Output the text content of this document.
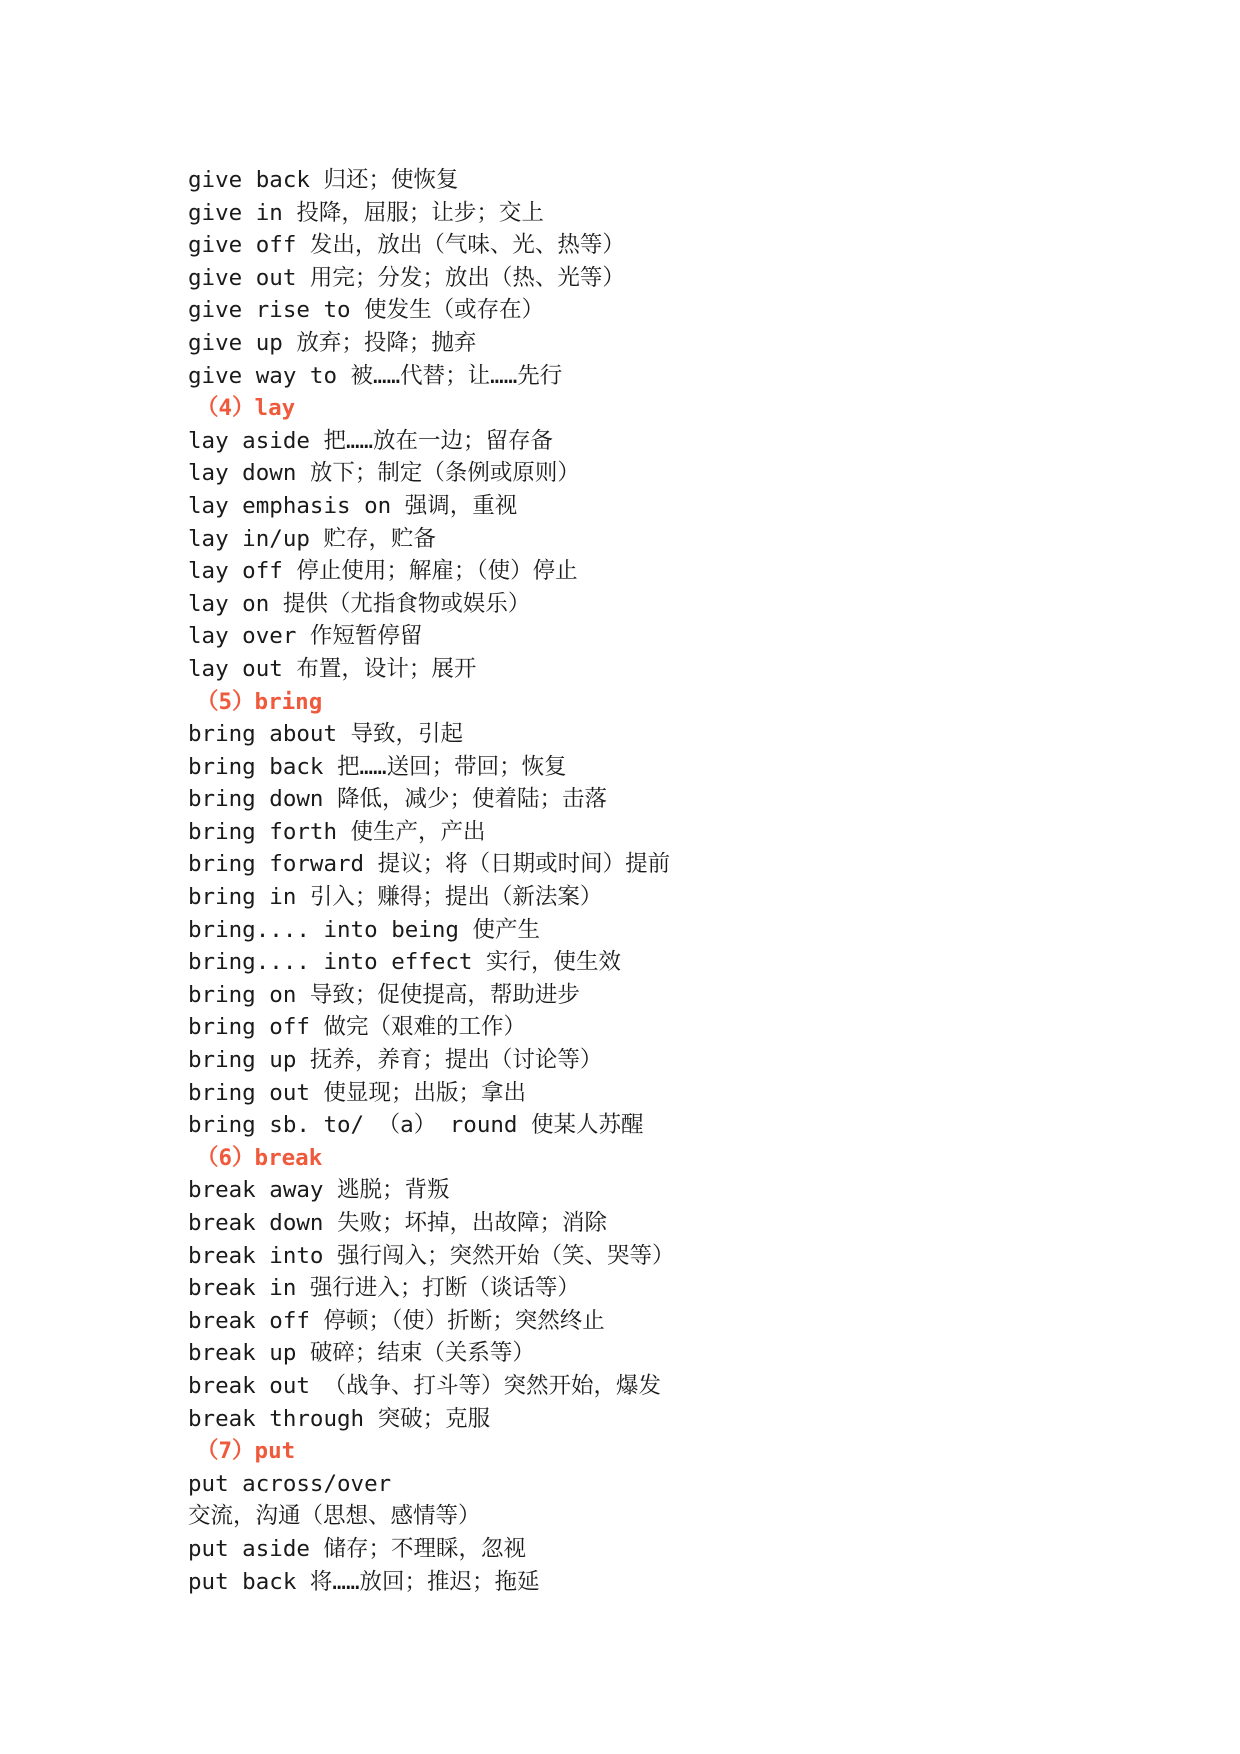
give back 归还；使恢复
give in 投降，屈服；让步；交上
give off 发出，放出（气味、光、热等）
give out 用完；分发；放出（热、光等）
give rise to 使发生（或存在）
give up 放弃；投降；抛弃
give way to 被……代替；让……先行
（4）lay
lay aside 把……放在一边；留存备
lay down 放下；制定（条例或原则）
lay emphasis on 强调，重视
lay in/up 贮存，贮备
lay off 停止使用；解雇；（使）停止
lay on 提供（尤指食物或娱乐）
lay over 作短暂停留
lay out 布置，设计；展开
（5）bring
bring about 导致，引起
bring back 把……送回；带回；恢复
bring down 降低，减少；使着陆；击落
bring forth 使生产，产出
bring forward 提议；将（日期或时间）提前
bring in 引入；赚得；提出（新法案）
bring.... into being 使产生
bring.... into effect 实行，使生效
bring on 导致；促使提高，帮助进步
bring off 做完（艰难的工作）
bring up 抚养，养育；提出（讨论等）
bring out 使显现；出版；拿出
bring sb. to/ （a） round 使某人苏醒
（6）break
break away 逃脱；背叛
break down 失败；坏掉，出故障；消除
break into 强行闯入；突然开始（笑、哭等）
break in 强行进入；打断（谈话等）
break off 停顿；（使）折断；突然终止
break up 破碎；结束（关系等）
break out （战争、打斗等）突然开始，爆发
break through 突破；克服
（7）put
put across/over
交流，沟通（思想、感情等）
put aside 储存；不理睬，忽视
put back 将……放回；推迟；拖延
